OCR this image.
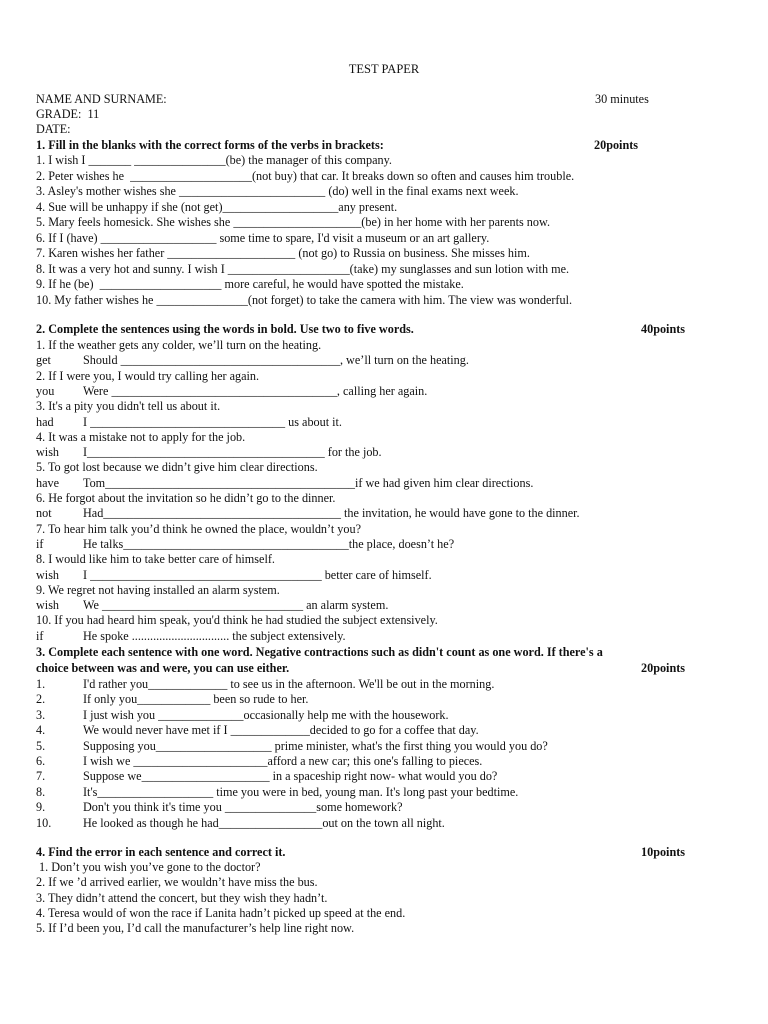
TEST PAPER
NAME AND SURNAME:	30 minutes
GRADE:  11
DATE:
1. Fill in the blanks with the correct forms of the verbs in brackets:	20points
1. I wish I _______ _______________(be) the manager of this company.
2. Peter wishes he  ____________________(not buy) that car. It breaks down so often and causes him trouble.
3. Asley's mother wishes she ________________________ (do) well in the final exams next week.
4. Sue will be unhappy if she (not get)___________________any present.
5. Mary feels homesick. She wishes she _____________________(be) in her home with her parents now.
6. If I (have) ___________________ some time to spare, I'd visit a museum or an art gallery.
7. Karen wishes her father _____________________ (not go) to Russia on business. She misses him.
8. It was a very hot and sunny. I wish I ____________________(take) my sunglasses and sun lotion with me.
9. If he (be)  ____________________ more careful, he would have spotted the mistake.
10. My father wishes he _______________(not forget) to take the camera with him. The view was wonderful.
2. Complete the sentences using the words in bold. Use two to five words.	40points
1. If the weather gets any colder, we’ll turn on the heating.
get	Should ____________________________________, we’ll turn on the heating.
2. If I were you, I would try calling her again.
you Were _____________________________________, calling her again.
3. It's a pity you didn't tell us about it.
had I ________________________________ us about it.
4. It was a mistake not to apply for the job.
wish I_______________________________________ for the job.
5. To got lost because we didn’t give him clear directions.
have Tom_________________________________________if we had given him clear directions.
6. He forgot about the invitation so he didn’t go to the dinner.
not	Had_______________________________________ the invitation, he would have gone to the dinner.
7. To hear him talk you’d think he owned the place, wouldn’t you?
if	He talks_____________________________________the place, doesn’t he?
8. I would like him to take better care of himself.
wish I ______________________________________ better care of himself.
9. We regret not having installed an alarm system.
wish We _________________________________ an alarm system.
10. If you had heard him speak, you'd think he had studied the subject extensively.
if	He spoke ................................ the subject extensively.
3. Complete each sentence with one word. Negative contractions such as didn't count as one word. If there's a
choice between was and were, you can use either.	20points
1.	I'd rather you_____________ to see us in the afternoon. We'll be out in the morning.
2.	If only you____________ been so rude to her.
3.	I just wish you ______________occasionally help me with the housework.
4.	We would never have met if I _____________decided to go for a coffee that day.
5.	Supposing you___________________ prime minister, what's the first thing you would you do?
6.	I wish we ______________________afford a new car; this one's falling to pieces.
7.	Suppose we_____________________ in a spaceship right now- what would you do?
8.	It's___________________ time you were in bed, young man. It's long past your bedtime.
9.	Don't you think it's time you _______________some homework?
10.	He looked as though he had_________________out on the town all night.
4. Find the error in each sentence and correct it.	10points
1. Don’t you wish you’ve gone to the doctor?
2. If we ’d arrived earlier, we wouldn’t have miss the bus.
3. They didn’t attend the concert, but they wish they hadn’t.
4. Teresa would of won the race if Lanita hadn’t picked up speed at the end.
5. If I’d been you, I’d call the manufacturer’s help line right now.
